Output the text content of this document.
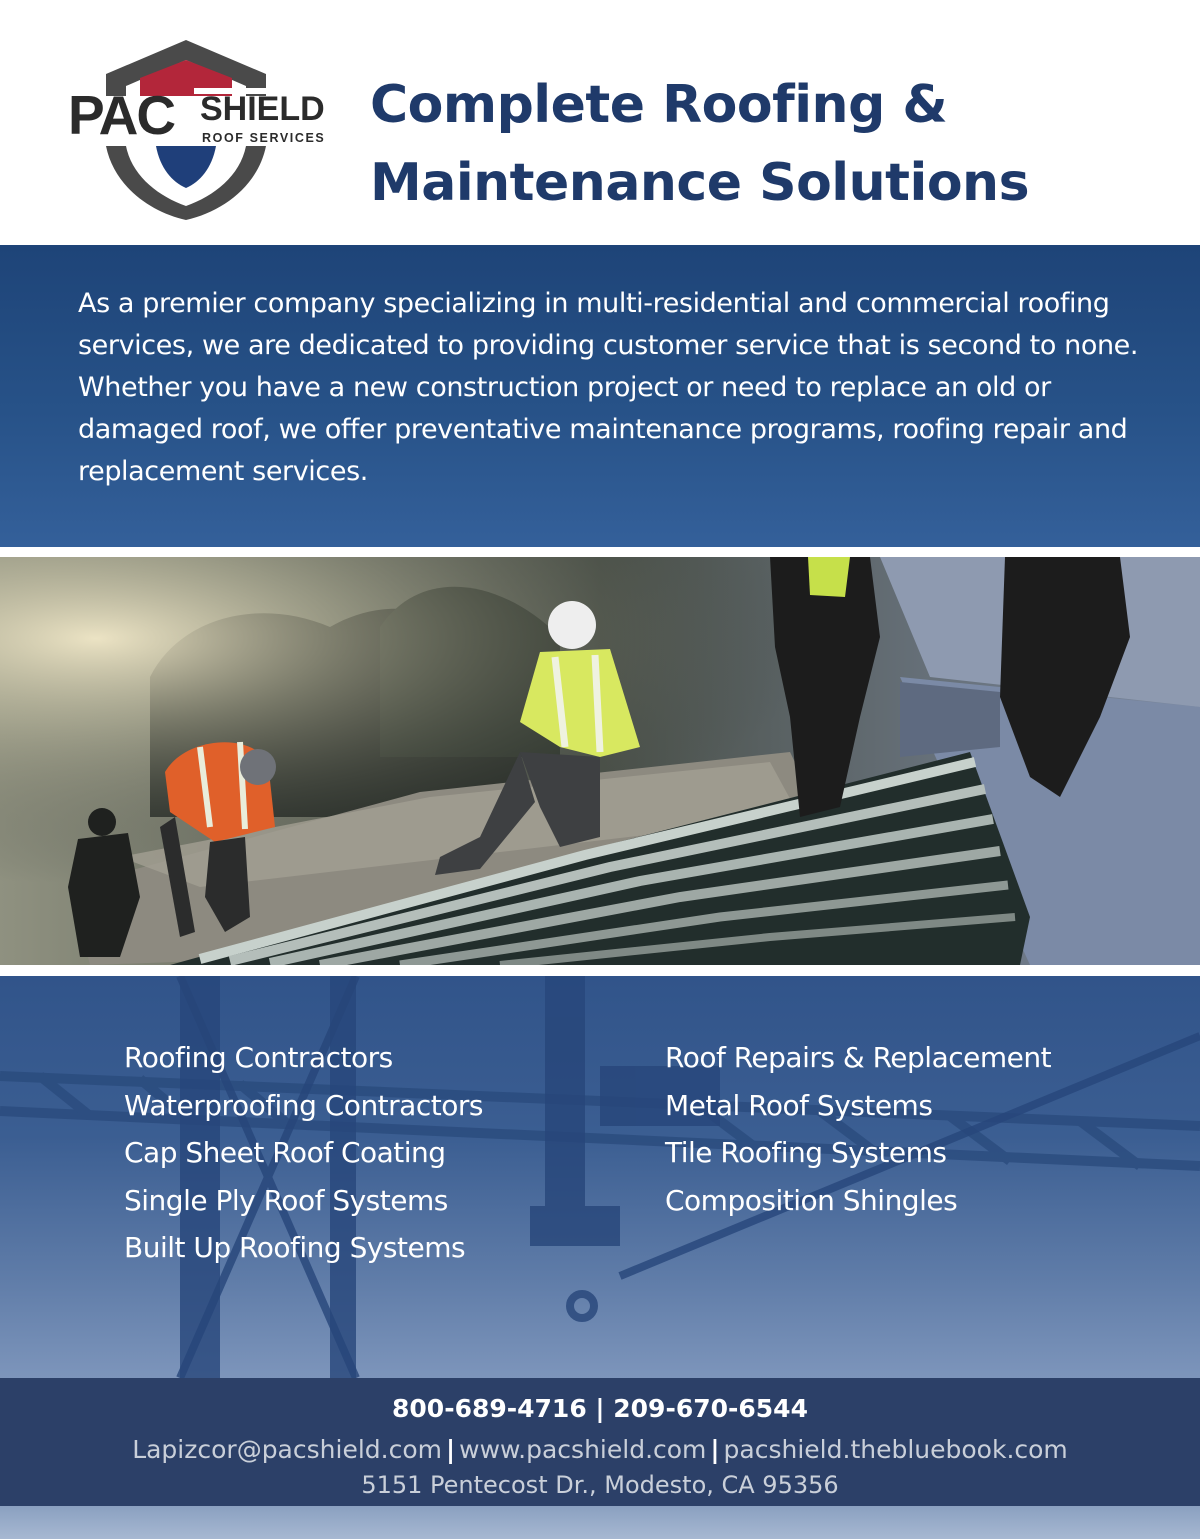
PAC SHIELD
ROOF SERVICES
Complete Roofing &
Maintenance Solutions

As a premier company specializing in multi-residential and commercial roofing services, we are dedicated to providing customer service that is second to none. Whether you have a new construction project or need to replace an old or damaged roof, we offer preventative maintenance programs, roofing repair and replacement services.

Roofing Contractors
Waterproofing Contractors
Cap Sheet Roof Coating
Single Ply Roof Systems
Built Up Roofing Systems
Roof Repairs & Replacement
Metal Roof Systems
Tile Roofing Systems
Composition Shingles
800-689-4716 | 209-670-6544
Lapizcor@pacshield.com | www.pacshield.com | pacshield.thebluebook.com
5151 Pentecost Dr., Modesto, CA 95356
